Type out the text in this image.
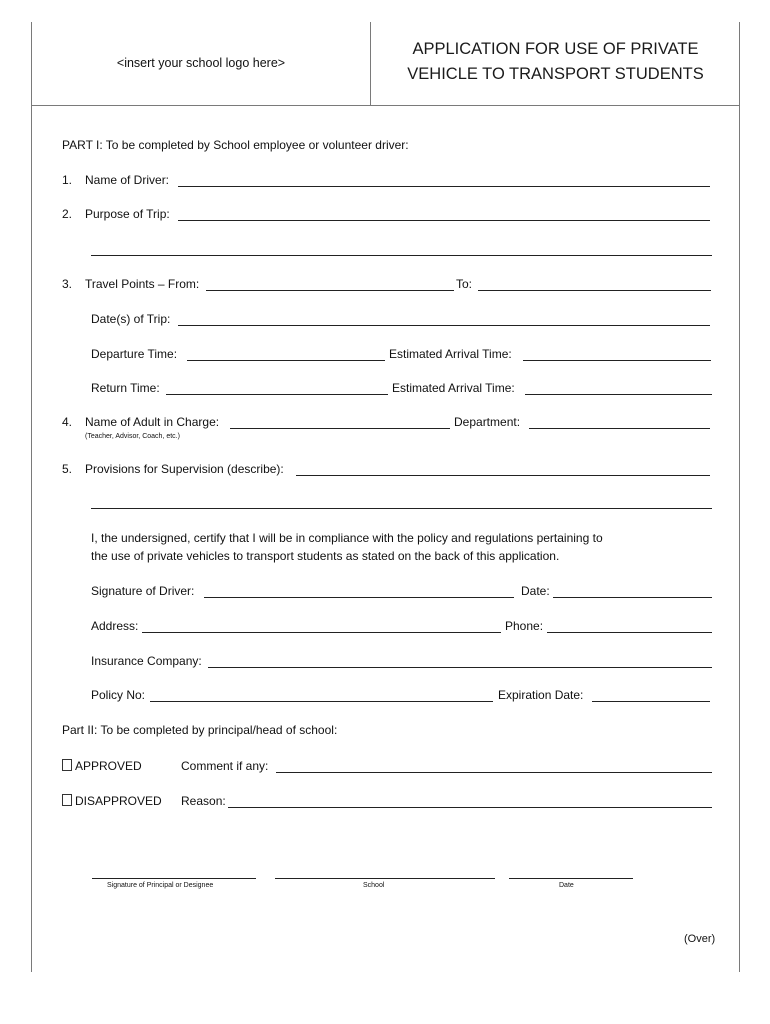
<insert your school logo here>
APPLICATION FOR USE OF PRIVATE
VEHICLE TO TRANSPORT STUDENTS
PART I: To be completed by School employee or volunteer driver:
1. Name of Driver:
2. Purpose of Trip:
3. Travel Points – From:	To:
Date(s) of Trip:
Departure Time:	Estimated Arrival Time:
Return Time:	Estimated Arrival Time:
4. Name of Adult in Charge:
(Teacher, Advisor, Coach, etc.)
Department:
5. Provisions for Supervision (describe):
I, the undersigned, certify that I will be in compliance with the policy and regulations pertaining to
the use of private vehicles to transport students as stated on the back of this application.
Signature of Driver:	Date:
Address:	Phone:
Insurance Company:
Policy No:	Expiration Date:
Part II: To be completed by principal/head of school:
APPROVED	Comment if any:
DISAPPROVED Reason:
Signature of Principal or Designee	School	Date
(Over)
